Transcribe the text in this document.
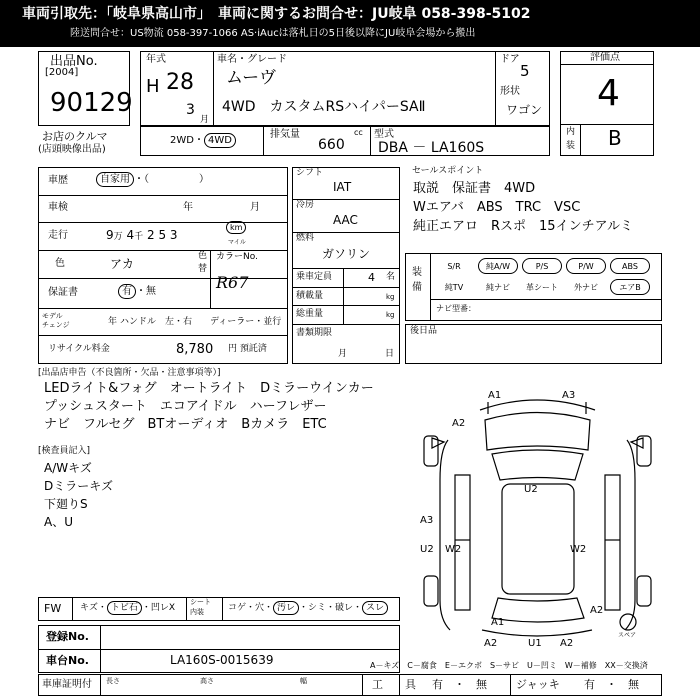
車両引取先：「岐阜県高山市」　車両に関するお問合せ：JU岐阜 058-398-5102
陸送問合せ：US物流 058-397-1066 AS·iAucは落札日の5日後以降にJU岐阜会場から搬出
出品No.
[2004]
90129
お店のクルマ
(店頭映像出品)
年式
H 28
3
月
車名・グレード
ムーヴ
4WD　カスタムRSハイパーSAⅡ
ドア
5
形状
ワゴン
2WD・ 4WD
排気量
660
cc 型式
DBA － LA160S
評価点
4
内
装 B
車歴	自家用 ・（　　　　　）
車検	年	月
走行	9万 4千 2 5 3
km
マイル
色	アカ
色
替
カラーNo.
R67
保証書	有 ・無
モデル
チェンジ	年 ハンドル　左・右 ディーラー・並行
リサイクル料金	8,780 円 預託済
シフト
IAT
冷房
AAC
燃料
ガソリン
乗車定員	4 名
積載量	kg
総重量	kg
書類期限
月	日
セールスポイント
取説　保証書　4WD
Wエアバ　ABS　TRC　VSC
純正エアロ　Rスポ　15インチアルミ
装
備
S/R	純A/W	P/S	P/W	ABS
純TV	純ナビ	革シート	外ナビ	エアB
ナビ型番：
後日品
[出品店申告（不良箇所・欠品・注意事項等）]
LEDライト&フォグ　オートライト　Dミラーウインカー
プッシュスタート　エコアイドル　ハーフレザー
ナビ　フルセグ　BTオーディオ　Bカメラ　ETC
[検査員記入]
A/Wキズ
Dミラーキズ
下廻りS
A、U
A1	A3
A2
U2
A3
U2 W2	W2
A2
A1
A2	U1 A2
スペア
FW キズ・ トビ石 ・凹レX
シート
内装	コゲ・穴・ 汚レ ・シミ・破レ・ スレ
登録No.
車台No.	LA160S-0015639
車庫証明付 長さ	高さ	幅
A－キズ　C－腐食　E－エクボ　S－サビ　U－凹ミ　W－補修　XX－交換済
工　　具 有　・　無	ジャッキ 有　・　無
